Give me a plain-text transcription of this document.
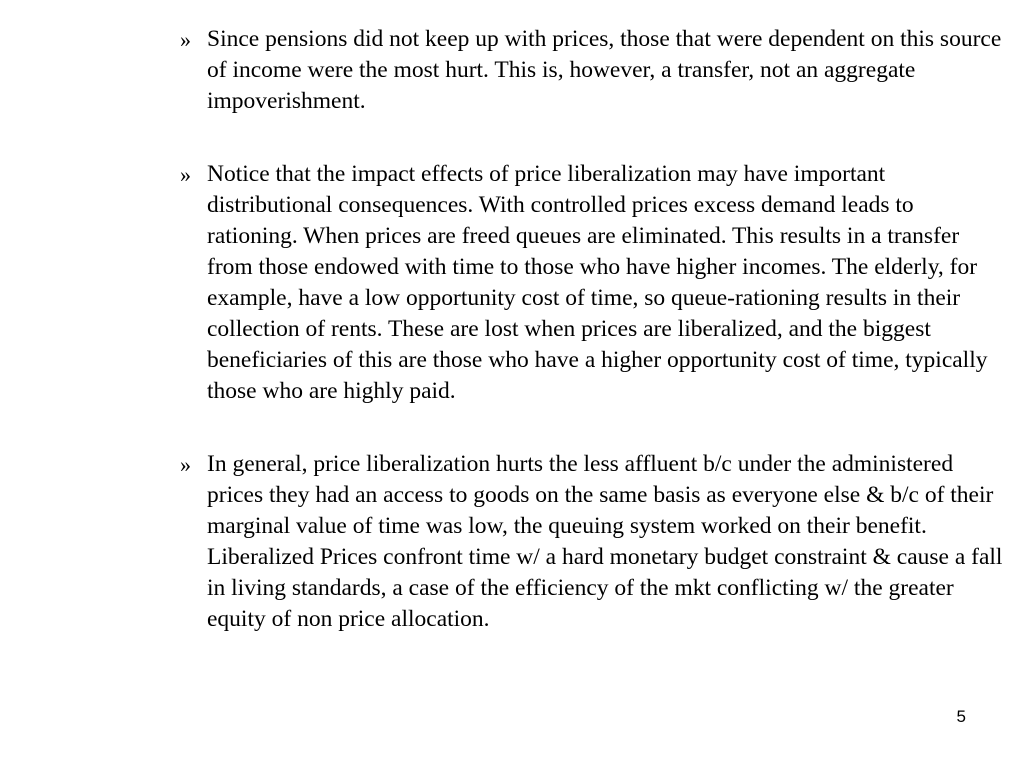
» Since pensions did not keep up with prices, those that were dependent on this source of income were the most hurt. This is, however, a transfer, not an aggregate impoverishment.

» Notice that the impact effects of price liberalization may have important distributional consequences. With controlled prices excess demand leads to rationing. When prices are freed queues are eliminated. This results in a transfer from those endowed with time to those who have higher incomes. The elderly, for example, have a low opportunity cost of time, so queue-rationing results in their collection of rents. These are lost when prices are liberalized, and the biggest beneficiaries of this are those who have a higher opportunity cost of time, typically those who are highly paid.

» In general, price liberalization hurts the less affluent b/c under the administered prices they had an access to goods on the same basis as everyone else & b/c of their marginal value of time was low, the queuing system worked on their benefit. Liberalized Prices confront time w/ a hard monetary budget constraint & cause a fall in living standards, a case of the efficiency of the mkt conflicting w/ the greater equity of non price allocation.

5
